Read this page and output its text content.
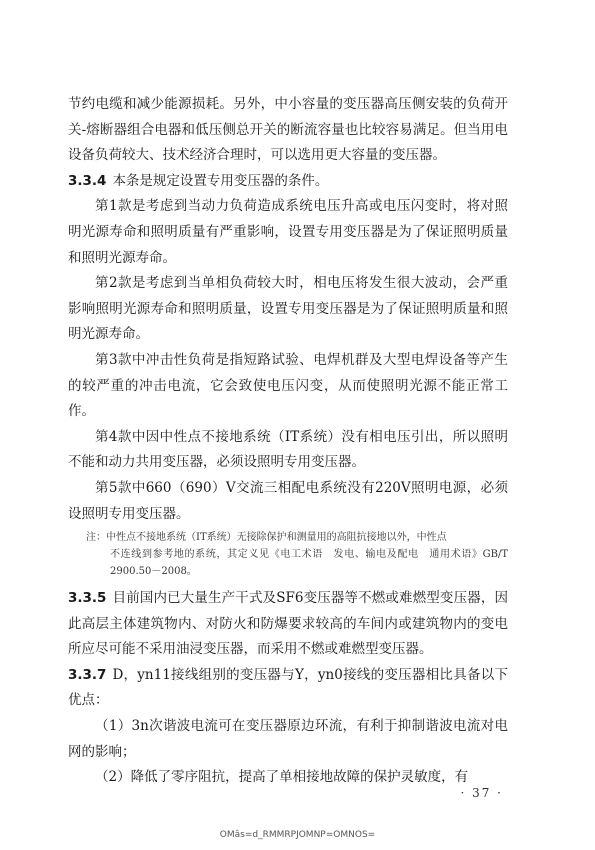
节约电缆和减少能源损耗。另外，中小容量的变压器高压侧安装的负荷开关-熔断器组合电器和低压侧总开关的断流容量也比较容易满足。但当用电设备负荷较大、技术经济合理时，可以选用更大容量的变压器。

3.3.4 本条是规定设置专用变压器的条件。

第1款是考虑到当动力负荷造成系统电压升高或电压闪变时，将对照明光源寿命和照明质量有严重影响，设置专用变压器是为了保证照明质量和照明光源寿命。

第2款是考虑到当单相负荷较大时，相电压将发生很大波动，会严重影响照明光源寿命和照明质量，设置专用变压器是为了保证照明质量和照明光源寿命。

第3款中冲击性负荷是指短路试验、电焊机群及大型电焊设备等产生的较严重的冲击电流，它会致使电压闪变，从而使照明光源不能正常工作。

第4款中因中性点不接地系统（IT系统）没有相电压引出，所以照明不能和动力共用变压器，必须设照明专用变压器。

第5款中660（690）V交流三相配电系统没有220V照明电源，必须设照明专用变压器。

注：中性点不接地系统（IT系统）无接除保护和测量用的高阻抗接地以外，中性点
不连线到参考地的系统，其定义见《电工术语　发电、输电及配电　通用术语》GB/T 2900.50－2008。

3.3.5 目前国内已大量生产干式及SF6变压器等不燃或难燃型变压器，因此高层主体建筑物内、对防火和防爆要求较高的车间内或建筑物内的变电所应尽可能不采用油浸变压器，而采用不燃或难燃型变压器。

3.3.7 D，yn11接线组别的变压器与Y，yn0接线的变压器相比具备以下优点：

（1）3n次谐波电流可在变压器原边环流，有利于抑制谐波电流对电网的影响；

（2）降低了零序阻抗，提高了单相接地故障的保护灵敏度，有

· 37 ·
OMâs=d_RMMRPJOMNP=OMNOS=
